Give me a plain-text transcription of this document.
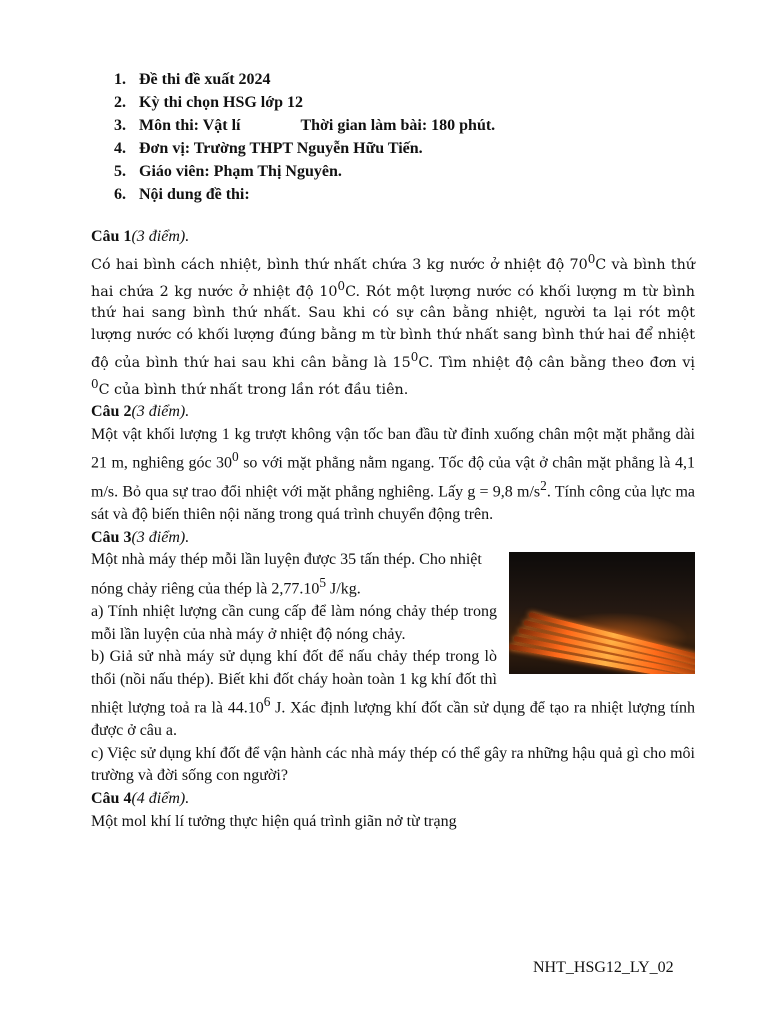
1. Đề thi đề xuất 2024
2. Kỳ thi chọn HSG lớp 12
3. Môn thi: Vật lí	Thời gian làm bài: 180 phút.
4. Đơn vị: Trường THPT Nguyễn Hữu Tiến.
5. Giáo viên: Phạm Thị Nguyên.
6. Nội dung đề thi:

Câu 1(3 điểm).

Có hai bình cách nhiệt, bình thứ nhất chứa 3 kg nước ở nhiệt độ $70^0C$ và bình thứ hai chứa 2 kg nước ở nhiệt độ $10^0C$. Rót một lượng nước có khối lượng m từ bình thứ hai sang bình thứ nhất. Sau khi có sự cân bằng nhiệt, người ta lại rót một lượng nước có khối lượng đúng bằng m từ bình thứ nhất sang bình thứ hai để nhiệt độ của bình thứ hai sau khi cân bằng là $15^0C$. Tìm nhiệt độ cân bằng theo đơn vị $^0$C của bình thứ nhất trong lần rót đầu tiên.

Câu 2(3 điểm).

Một vật khối lượng 1 kg trượt không vận tốc ban đầu từ đỉnh xuống chân một mặt phẳng dài 21 m, nghiêng góc $30^0$ so với mặt phẳng nằm ngang. Tốc độ của vật ở chân mặt phẳng là 4,1 m/s. Bỏ qua sự trao đổi nhiệt với mặt phẳng nghiêng. Lấy g = 9,8 $m/s^2$. Tính công của lực ma sát và độ biến thiên nội năng trong quá trình chuyển động trên.

Câu 3(3 điểm).

Một nhà máy thép mỗi lần luyện được 35 tấn thép. Cho nhiệt nóng chảy riêng của thép là 2,77.10$^5$ J/kg.

a) Tính nhiệt lượng cần cung cấp để làm nóng chảy thép trong mỗi lần luyện của nhà máy ở nhiệt độ nóng chảy.

b) Giả sử nhà máy sử dụng khí đốt để nấu chảy thép trong lò thổi (nồi nấu thép). Biết khi đốt cháy hoàn toàn 1 kg khí đốt thì nhiệt lượng toả ra là 44.10$^6$ J. Xác định lượng khí đốt cần sử dụng để tạo ra nhiệt lượng tính được ở câu a.

c) Việc sử dụng khí đốt để vận hành các nhà máy thép có thể gây ra những hậu quả gì cho môi trường và đời sống con người?

Câu 4(4 điểm).

Một mol khí lí tưởng thực hiện quá trình giãn nở từ trạng

NHT_HSG12_LY_02
